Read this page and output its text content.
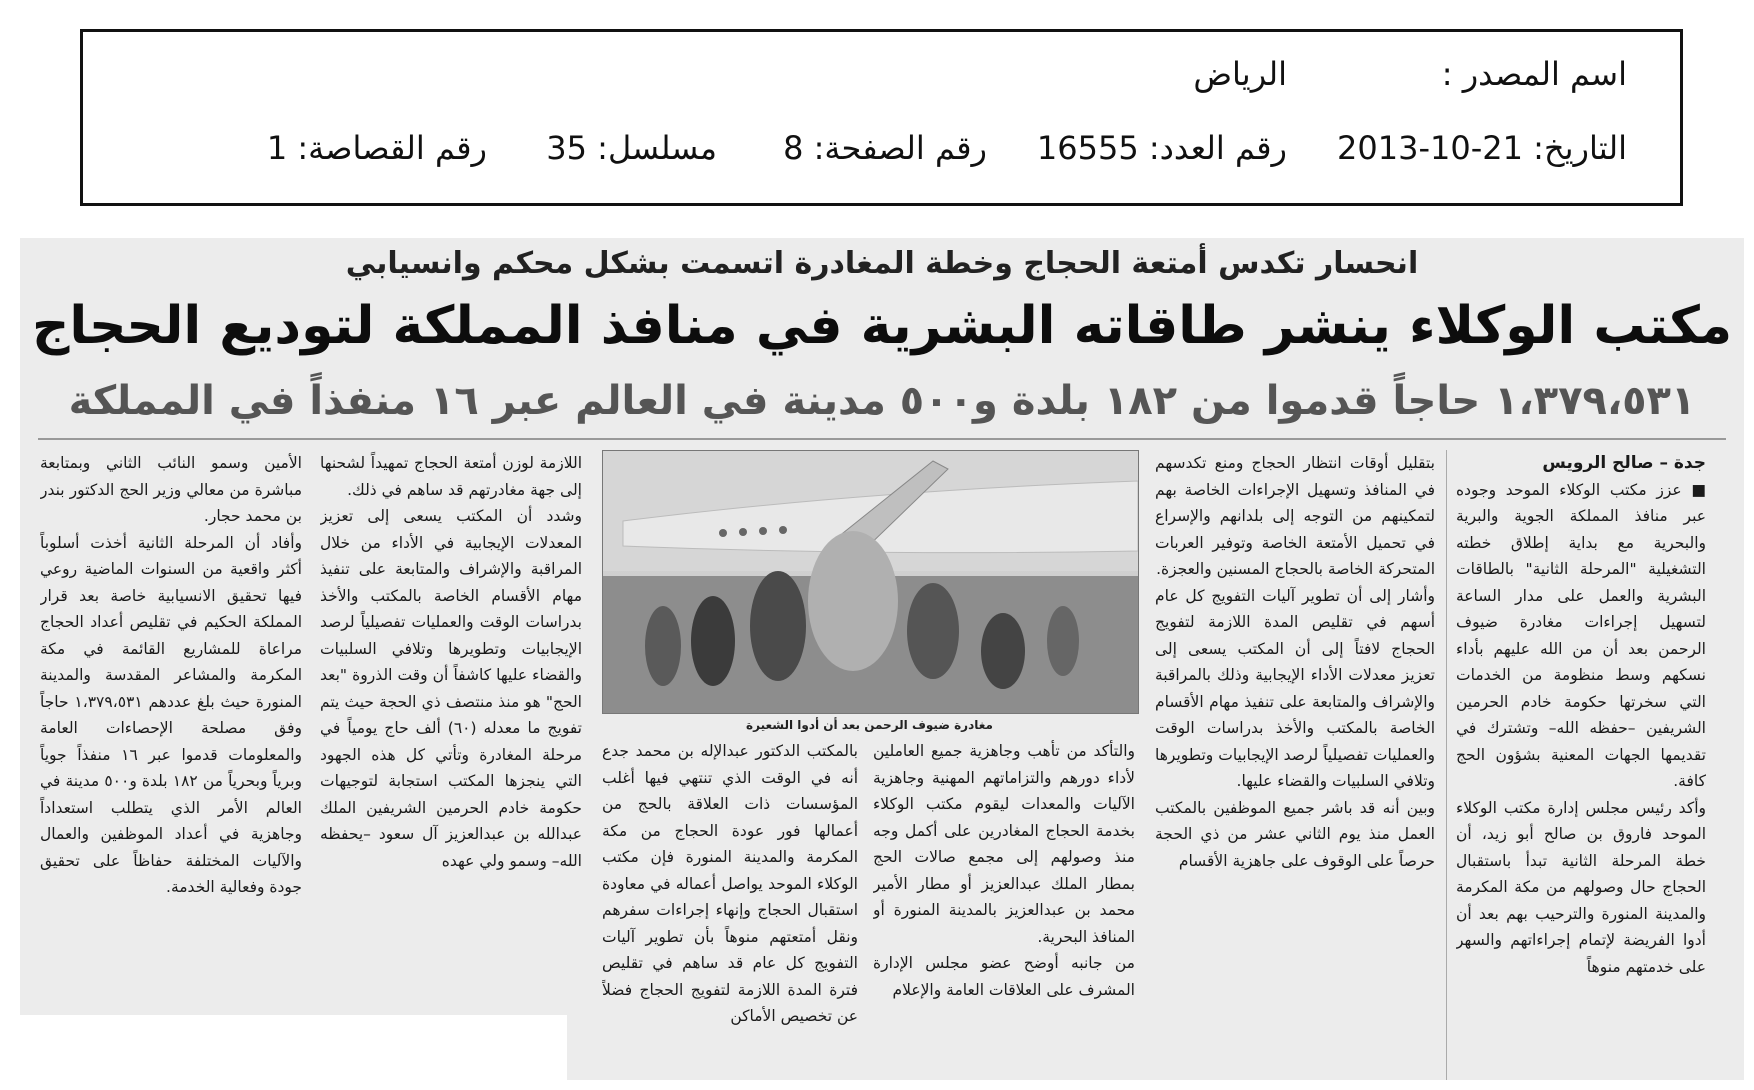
اسم المصدر :
الرياض
التاريخ: 21-10-2013
رقم العدد: 16555
رقم الصفحة: 8
مسلسل: 35
رقم القصاصة: 1
انحسار تكدس أمتعة الحجاج وخطة المغادرة اتسمت بشكل محكم وانسيابي
مكتب الوكلاء ينشر طاقاته البشرية في منافذ المملكة لتوديع الحجاج
١،٣٧٩،٥٣١ حاجاً قدموا من ١٨٢ بلدة و٥٠٠ مدينة في العالم عبر ١٦ منفذاً في المملكة

جدة – صالح الرويس

■ عزز مكتب الوكلاء الموحد وجوده عبر منافذ المملكة الجوية والبرية والبحرية مع بداية إطلاق خطته التشغيلية "المرحلة الثانية" بالطاقات البشرية والعمل على مدار الساعة لتسهيل إجراءات مغادرة ضيوف الرحمن بعد أن من الله عليهم بأداء نسكهم وسط منظومة من الخدمات التي سخرتها حكومة خادم الحرمين الشريفين –حفظه الله– وتشترك في تقديمها الجهات المعنية بشؤون الحج كافة.

وأكد رئيس مجلس إدارة مكتب الوكلاء الموحد فاروق بن صالح أبو زيد، أن خطة المرحلة الثانية تبدأ باستقبال الحجاج حال وصولهم من مكة المكرمة والمدينة المنورة والترحيب بهم بعد أن أدوا الفريضة لإتمام إجراءاتهم والسهر على خدمتهم منوهاً

بتقليل أوقات انتظار الحجاج ومنع تكدسهم في المنافذ وتسهيل الإجراءات الخاصة بهم لتمكينهم من التوجه إلى بلدانهم والإسراع في تحميل الأمتعة الخاصة وتوفير العربات المتحركة الخاصة بالحجاج المسنين والعجزة.

وأشار إلى أن تطوير آليات التفويج كل عام أسهم في تقليص المدة اللازمة لتفويج الحجاج لافتاً إلى أن المكتب يسعى إلى تعزيز معدلات الأداء الإيجابية وذلك بالمراقبة والإشراف والمتابعة على تنفيذ مهام الأقسام الخاصة بالمكتب والأخذ بدراسات الوقت والعمليات تفصيلياً لرصد الإيجابيات وتطويرها وتلافي السلبيات والقضاء عليها.

وبين أنه قد باشر جميع الموظفين بالمكتب العمل منذ يوم الثاني عشر من ذي الحجة حرصاً على الوقوف على جاهزية الأقسام

مغادرة ضيوف الرحمن بعد أن أدوا الشعيرة

والتأكد من تأهب وجاهزية جميع العاملين لأداء دورهم والتزاماتهم المهنية وجاهزية الآليات والمعدات ليقوم مكتب الوكلاء بخدمة الحجاج المغادرين على أكمل وجه منذ وصولهم إلى مجمع صالات الحج بمطار الملك عبدالعزيز أو مطار الأمير محمد بن عبدالعزيز بالمدينة المنورة أو المنافذ البحرية.

من جانبه أوضح عضو مجلس الإدارة المشرف على العلاقات العامة والإعلام

بالمكتب الدكتور عبدالإله بن محمد جدع أنه في الوقت الذي تنتهي فيها أغلب المؤسسات ذات العلاقة بالحج من أعمالها فور عودة الحجاج من مكة المكرمة والمدينة المنورة فإن مكتب الوكلاء الموحد يواصل أعماله في معاودة استقبال الحجاج وإنهاء إجراءات سفرهم ونقل أمتعتهم منوهاً بأن تطوير آليات التفويج كل عام قد ساهم في تقليص فترة المدة اللازمة لتفويج الحجاج فضلاً عن تخصيص الأماكن

اللازمة لوزن أمتعة الحجاج تمهيداً لشحنها إلى جهة مغادرتهم قد ساهم في ذلك.

وشدد أن المكتب يسعى إلى تعزيز المعدلات الإيجابية في الأداء من خلال المراقبة والإشراف والمتابعة على تنفيذ مهام الأقسام الخاصة بالمكتب والأخذ بدراسات الوقت والعمليات تفصيلياً لرصد الإيجابيات وتطويرها وتلافي السلبيات والقضاء عليها كاشفاً أن وقت الذروة "بعد الحج" هو منذ منتصف ذي الحجة حيث يتم تفويج ما معدله (٦٠) ألف حاج يومياً في مرحلة المغادرة وتأتي كل هذه الجهود التي ينجزها المكتب استجابة لتوجيهات حكومة خادم الحرمين الشريفين الملك عبدالله بن عبدالعزيز آل سعود –يحفظه الله– وسمو ولي عهده

الأمين وسمو النائب الثاني وبمتابعة مباشرة من معالي وزير الحج الدكتور بندر بن محمد حجار.

وأفاد أن المرحلة الثانية أخذت أسلوباً أكثر واقعية من السنوات الماضية روعي فيها تحقيق الانسيابية خاصة بعد قرار المملكة الحكيم في تقليص أعداد الحجاج مراعاة للمشاريع القائمة في مكة المكرمة والمشاعر المقدسة والمدينة المنورة حيث بلغ عددهم ١،٣٧٩،٥٣١ حاجاً وفق مصلحة الإحصاءات العامة والمعلومات قدموا عبر ١٦ منفذاً جوياً وبرياً وبحرياً من ١٨٢ بلدة و٥٠٠ مدينة في العالم الأمر الذي يتطلب استعداداً وجاهزية في أعداد الموظفين والعمال والآليات المختلفة حفاظاً على تحقيق جودة وفعالية الخدمة.
